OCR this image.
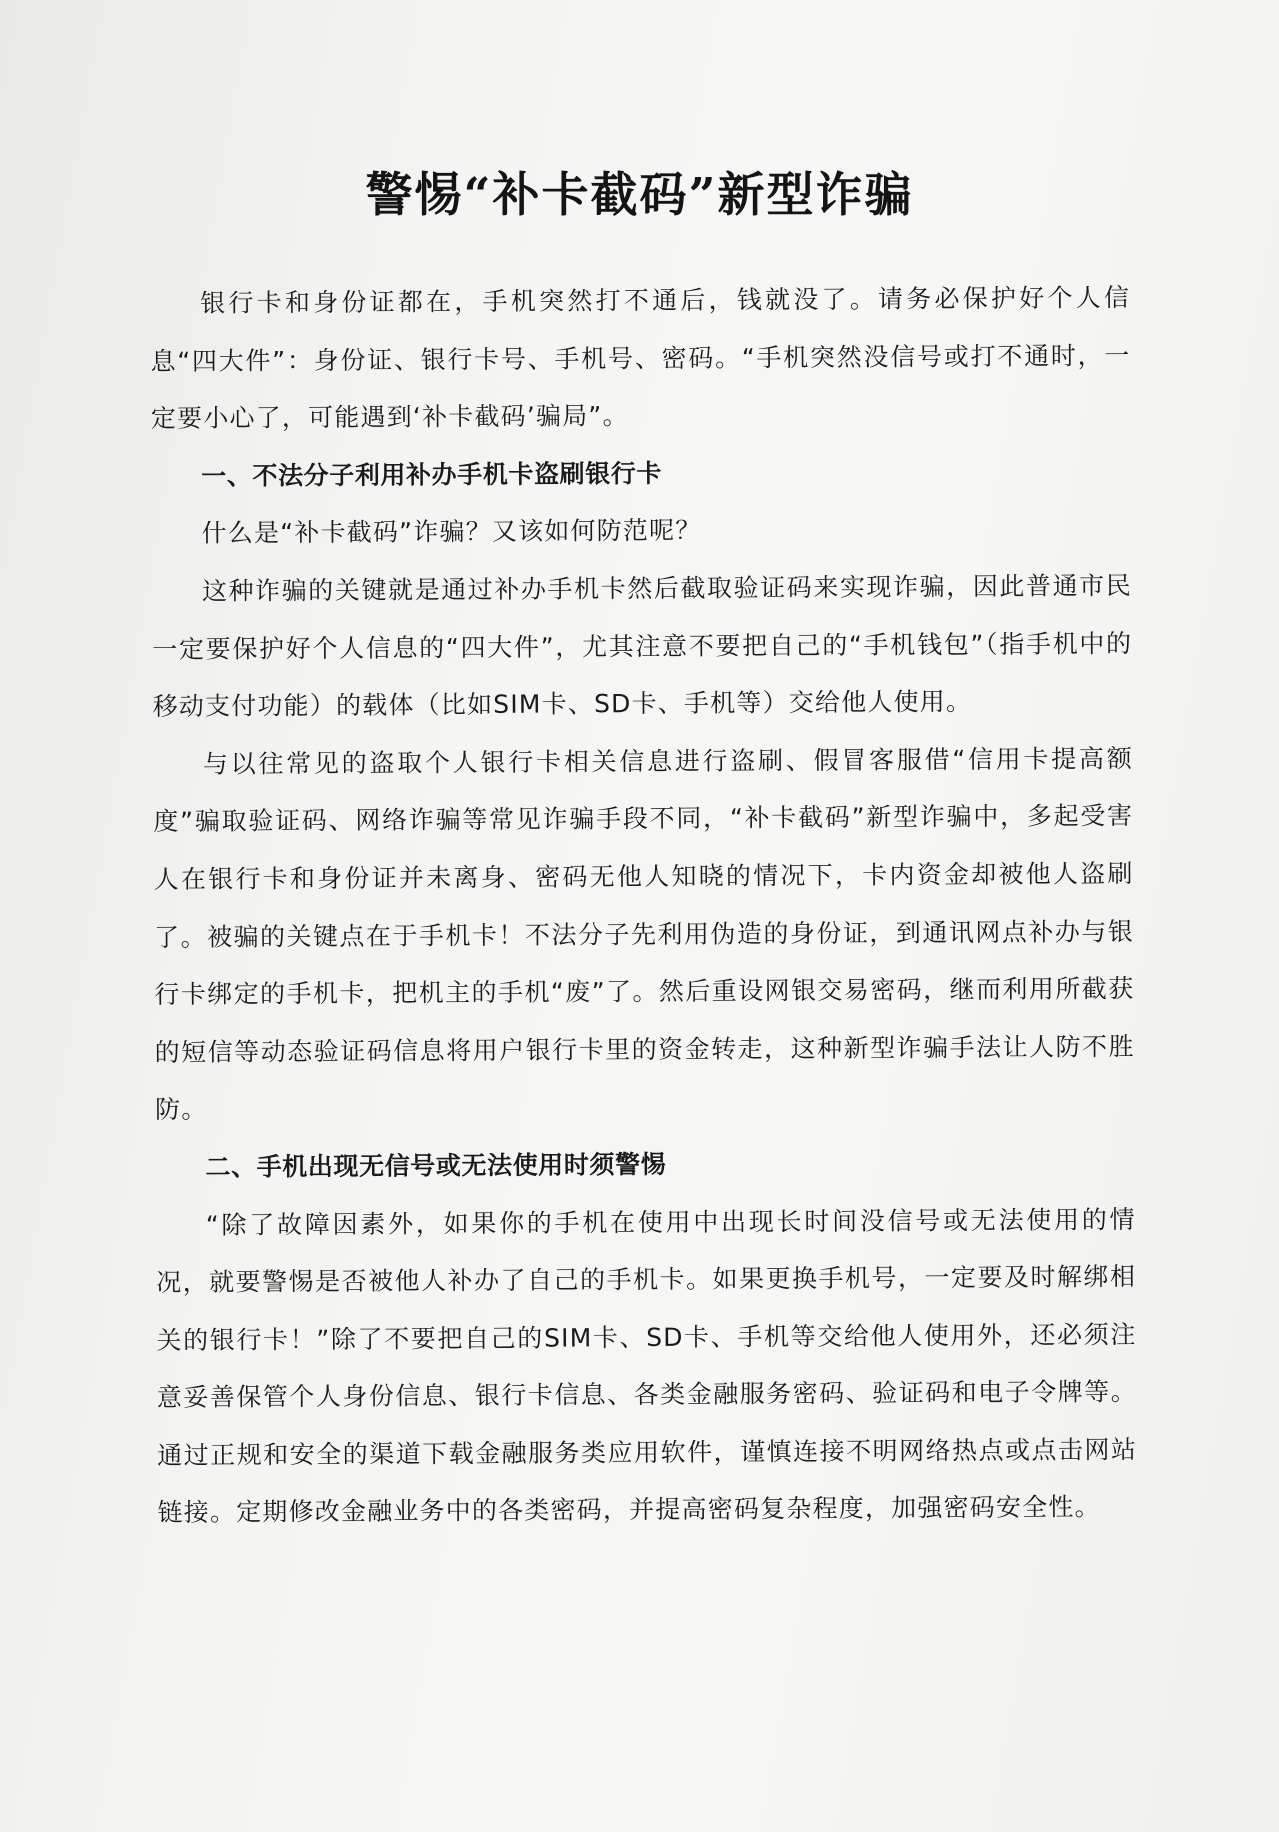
警惕“补卡截码”新型诈骗

银行卡和身份证都在，手机突然打不通后，钱就没了。请务必保护好个人信息“四大件”：身份证、银行卡号、手机号、密码。“手机突然没信号或打不通时，一定要小心了，可能遇到‘补卡截码’骗局”。

一、不法分子利用补办手机卡盗刷银行卡

什么是“补卡截码”诈骗？又该如何防范呢？

这种诈骗的关键就是通过补办手机卡然后截取验证码来实现诈骗，因此普通市民一定要保护好个人信息的“四大件”，尤其注意不要把自己的“手机钱包”（指手机中的移动支付功能）的载体（比如SIM卡、SD卡、手机等）交给他人使用。

与以往常见的盗取个人银行卡相关信息进行盗刷、假冒客服借“信用卡提高额度”骗取验证码、网络诈骗等常见诈骗手段不同，“补卡截码”新型诈骗中，多起受害人在银行卡和身份证并未离身、密码无他人知晓的情况下，卡内资金却被他人盗刷了。被骗的关键点在于手机卡！不法分子先利用伪造的身份证，到通讯网点补办与银行卡绑定的手机卡，把机主的手机“废”了。然后重设网银交易密码，继而利用所截获的短信等动态验证码信息将用户银行卡里的资金转走，这种新型诈骗手法让人防不胜防。

二、手机出现无信号或无法使用时须警惕

“除了故障因素外，如果你的手机在使用中出现长时间没信号或无法使用的情况，就要警惕是否被他人补办了自己的手机卡。如果更换手机号，一定要及时解绑相关的银行卡！”除了不要把自己的SIM卡、SD卡、手机等交给他人使用外，还必须注意妥善保管个人身份信息、银行卡信息、各类金融服务密码、验证码和电子令牌等。通过正规和安全的渠道下载金融服务类应用软件，谨慎连接不明网络热点或点击网站链接。定期修改金融业务中的各类密码，并提高密码复杂程度，加强密码安全性。
